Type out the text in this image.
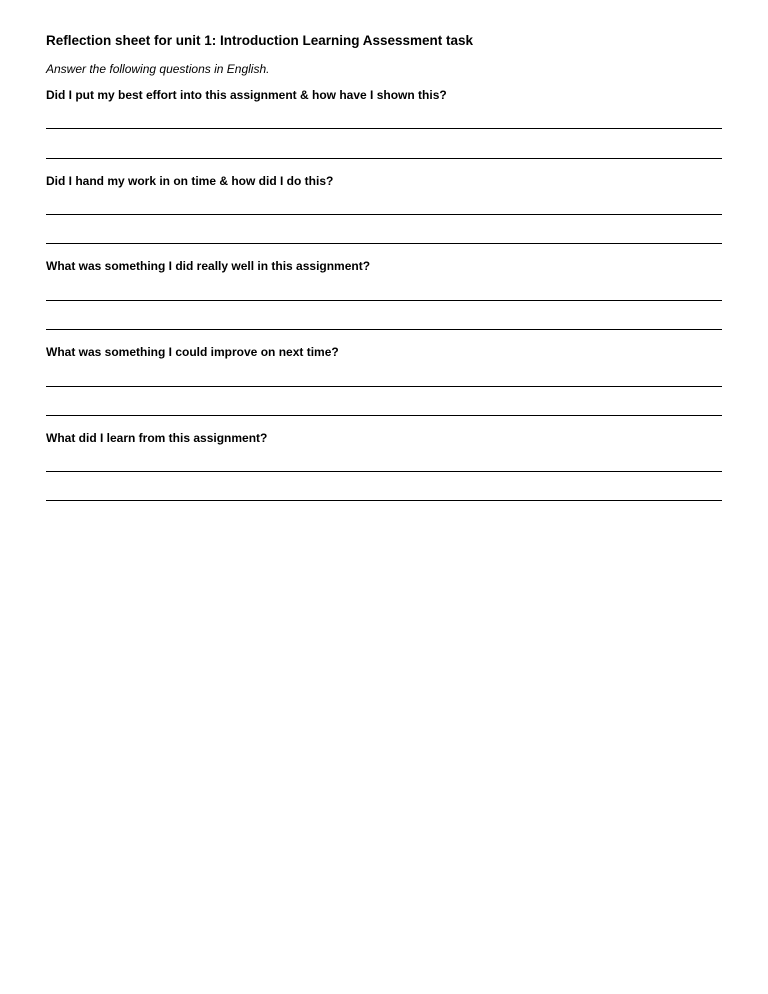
Reflection sheet for unit 1: Introduction Learning Assessment task
Answer the following questions in English.
Did I put my best effort into this assignment & how have I shown this?
Did I hand my work in on time & how did I do this?
What was something I did really well in this assignment?
What was something I could improve on next time?
What did I learn from this assignment?
